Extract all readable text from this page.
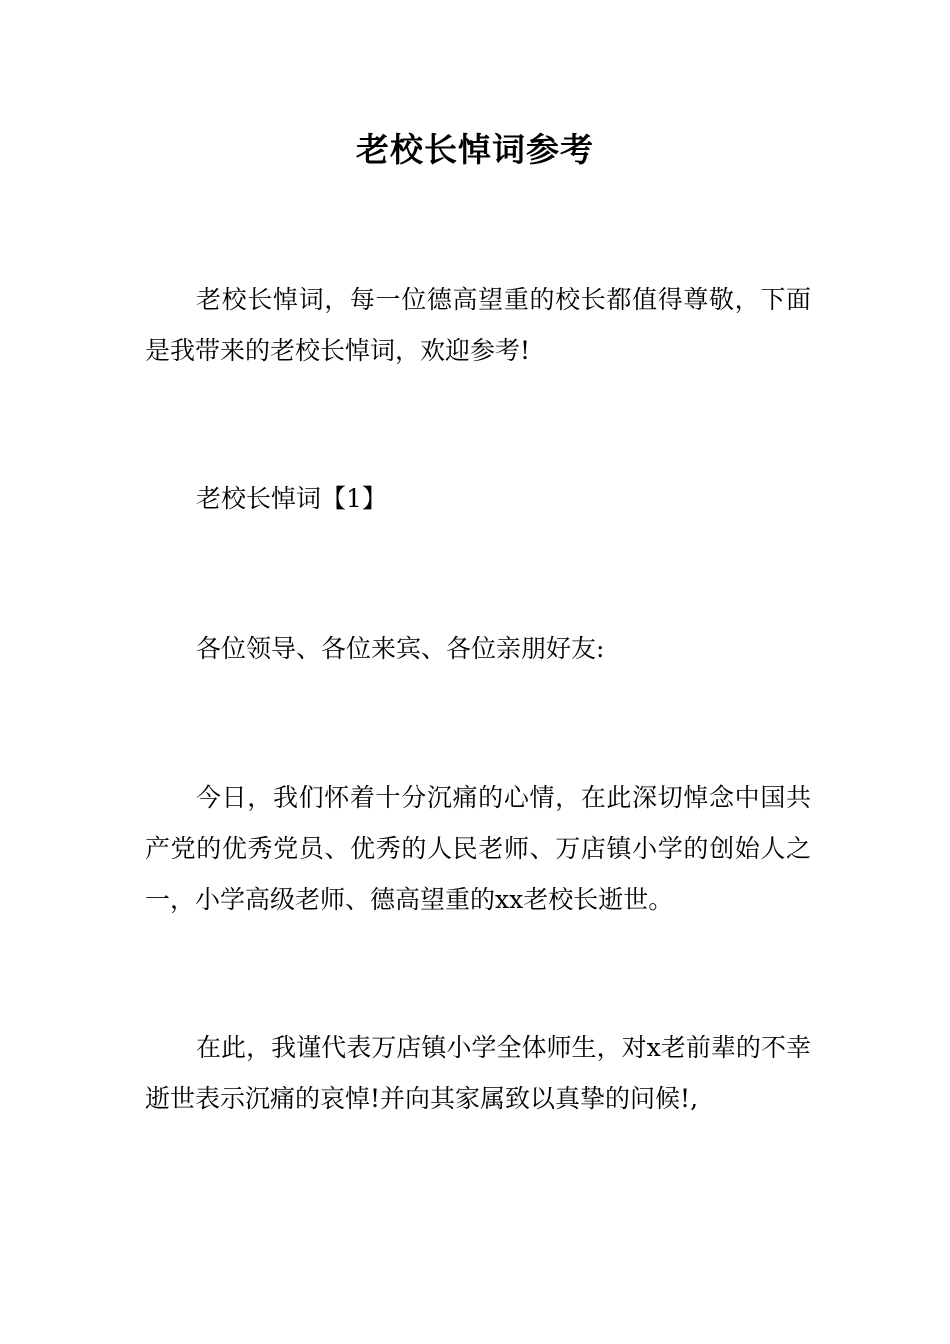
老校长悼词参考

老校长悼词，每一位德高望重的校长都值得尊敬，下面是我带来的老校长悼词，欢迎参考!

老校长悼词【1】

各位领导、各位来宾、各位亲朋好友:

今日，我们怀着十分沉痛的心情，在此深切悼念中国共产党的优秀党员、优秀的人民老师、万店镇小学的创始人之一，小学高级老师、德高望重的xx老校长逝世。

在此，我谨代表万店镇小学全体师生，对x老前辈的不幸逝世表示沉痛的哀悼!并向其家属致以真挚的问候!,
